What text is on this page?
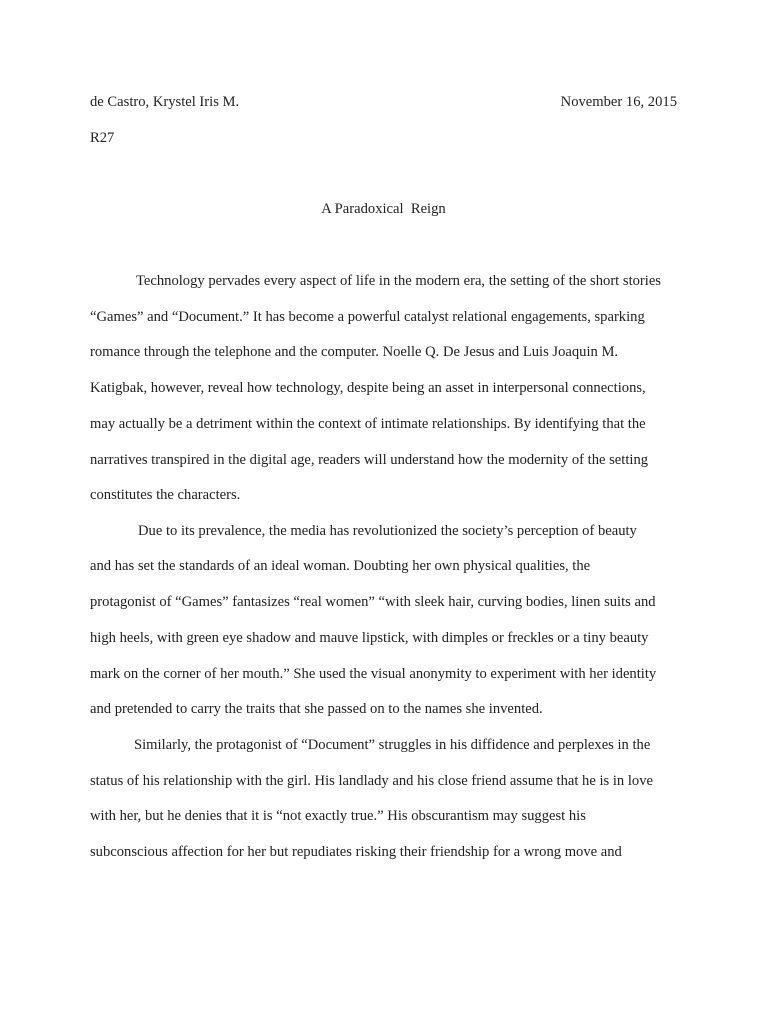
de Castro, Krystel Iris M.	November 16, 2015
R27
A Paradoxical  Reign
Technology pervades every aspect of life in the modern era, the setting of the short stories
“Games” and “Document.” It has become a powerful catalyst relational engagements, sparking
romance through the telephone and the computer. Noelle Q. De Jesus and Luis Joaquin M.
Katigbak, however, reveal how technology, despite being an asset in interpersonal connections,
may actually be a detriment within the context of intimate relationships. By identifying that the
narratives transpired in the digital age, readers will understand how the modernity of the setting
constitutes the characters.
Due to its prevalence, the media has revolutionized the society’s perception of beauty
and has set the standards of an ideal woman. Doubting her own physical qualities, the
protagonist of “Games” fantasizes “real women” “with sleek hair, curving bodies, linen suits and
high heels, with green eye shadow and mauve lipstick, with dimples or freckles or a tiny beauty
mark on the corner of her mouth.” She used the visual anonymity to experiment with her identity
and pretended to carry the traits that she passed on to the names she invented.
Similarly, the protagonist of “Document” struggles in his diffidence and perplexes in the
status of his relationship with the girl. His landlady and his close friend assume that he is in love
with her, but he denies that it is “not exactly true.” His obscurantism may suggest his
subconscious affection for her but repudiates risking their friendship for a wrong move and
